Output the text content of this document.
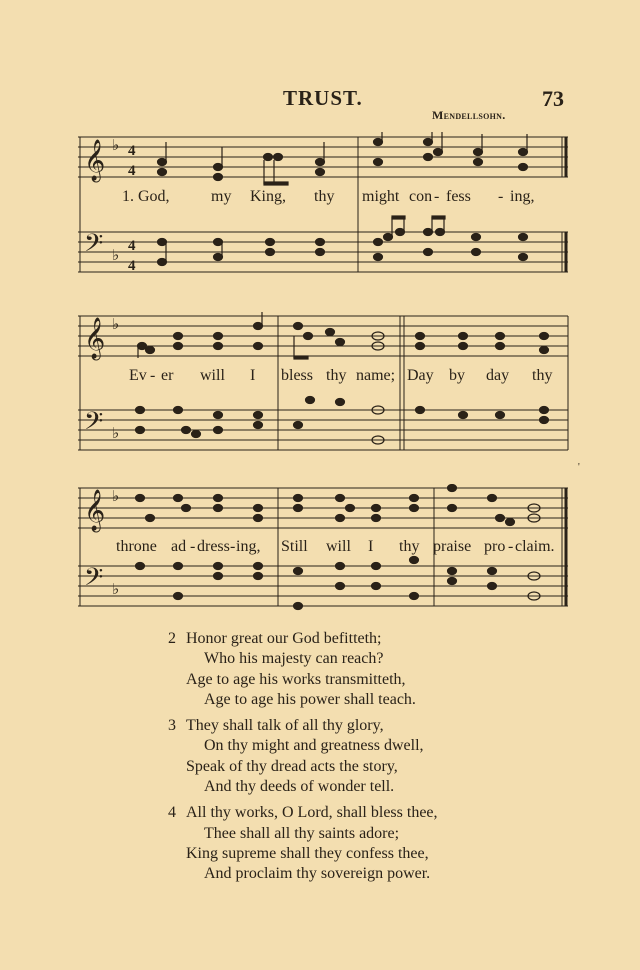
TRUST.	73
Mendellsohn.
𝄞
𝄢
♭
♭
4
4
4
4
1. God,	my King, thy might con - fess - ing,
𝄞
𝄢
♭
♭
Ev - er will I bless thy name; Day by day thy
𝄞
𝄢
♭
♭
throne ad - dress - ing, Still will I thy praise pro - claim.
'
2 Honor great our God befitteth;
Who his majesty can reach?
Age to age his works transmitteth,
Age to age his power shall teach.
3 They shall talk of all thy glory,
On thy might and greatness dwell,
Speak of thy dread acts the story,
And thy deeds of wonder tell.
4 All thy works, O Lord, shall bless thee,
Thee shall all thy saints adore;
King supreme shall they confess thee,
And proclaim thy sovereign power.
